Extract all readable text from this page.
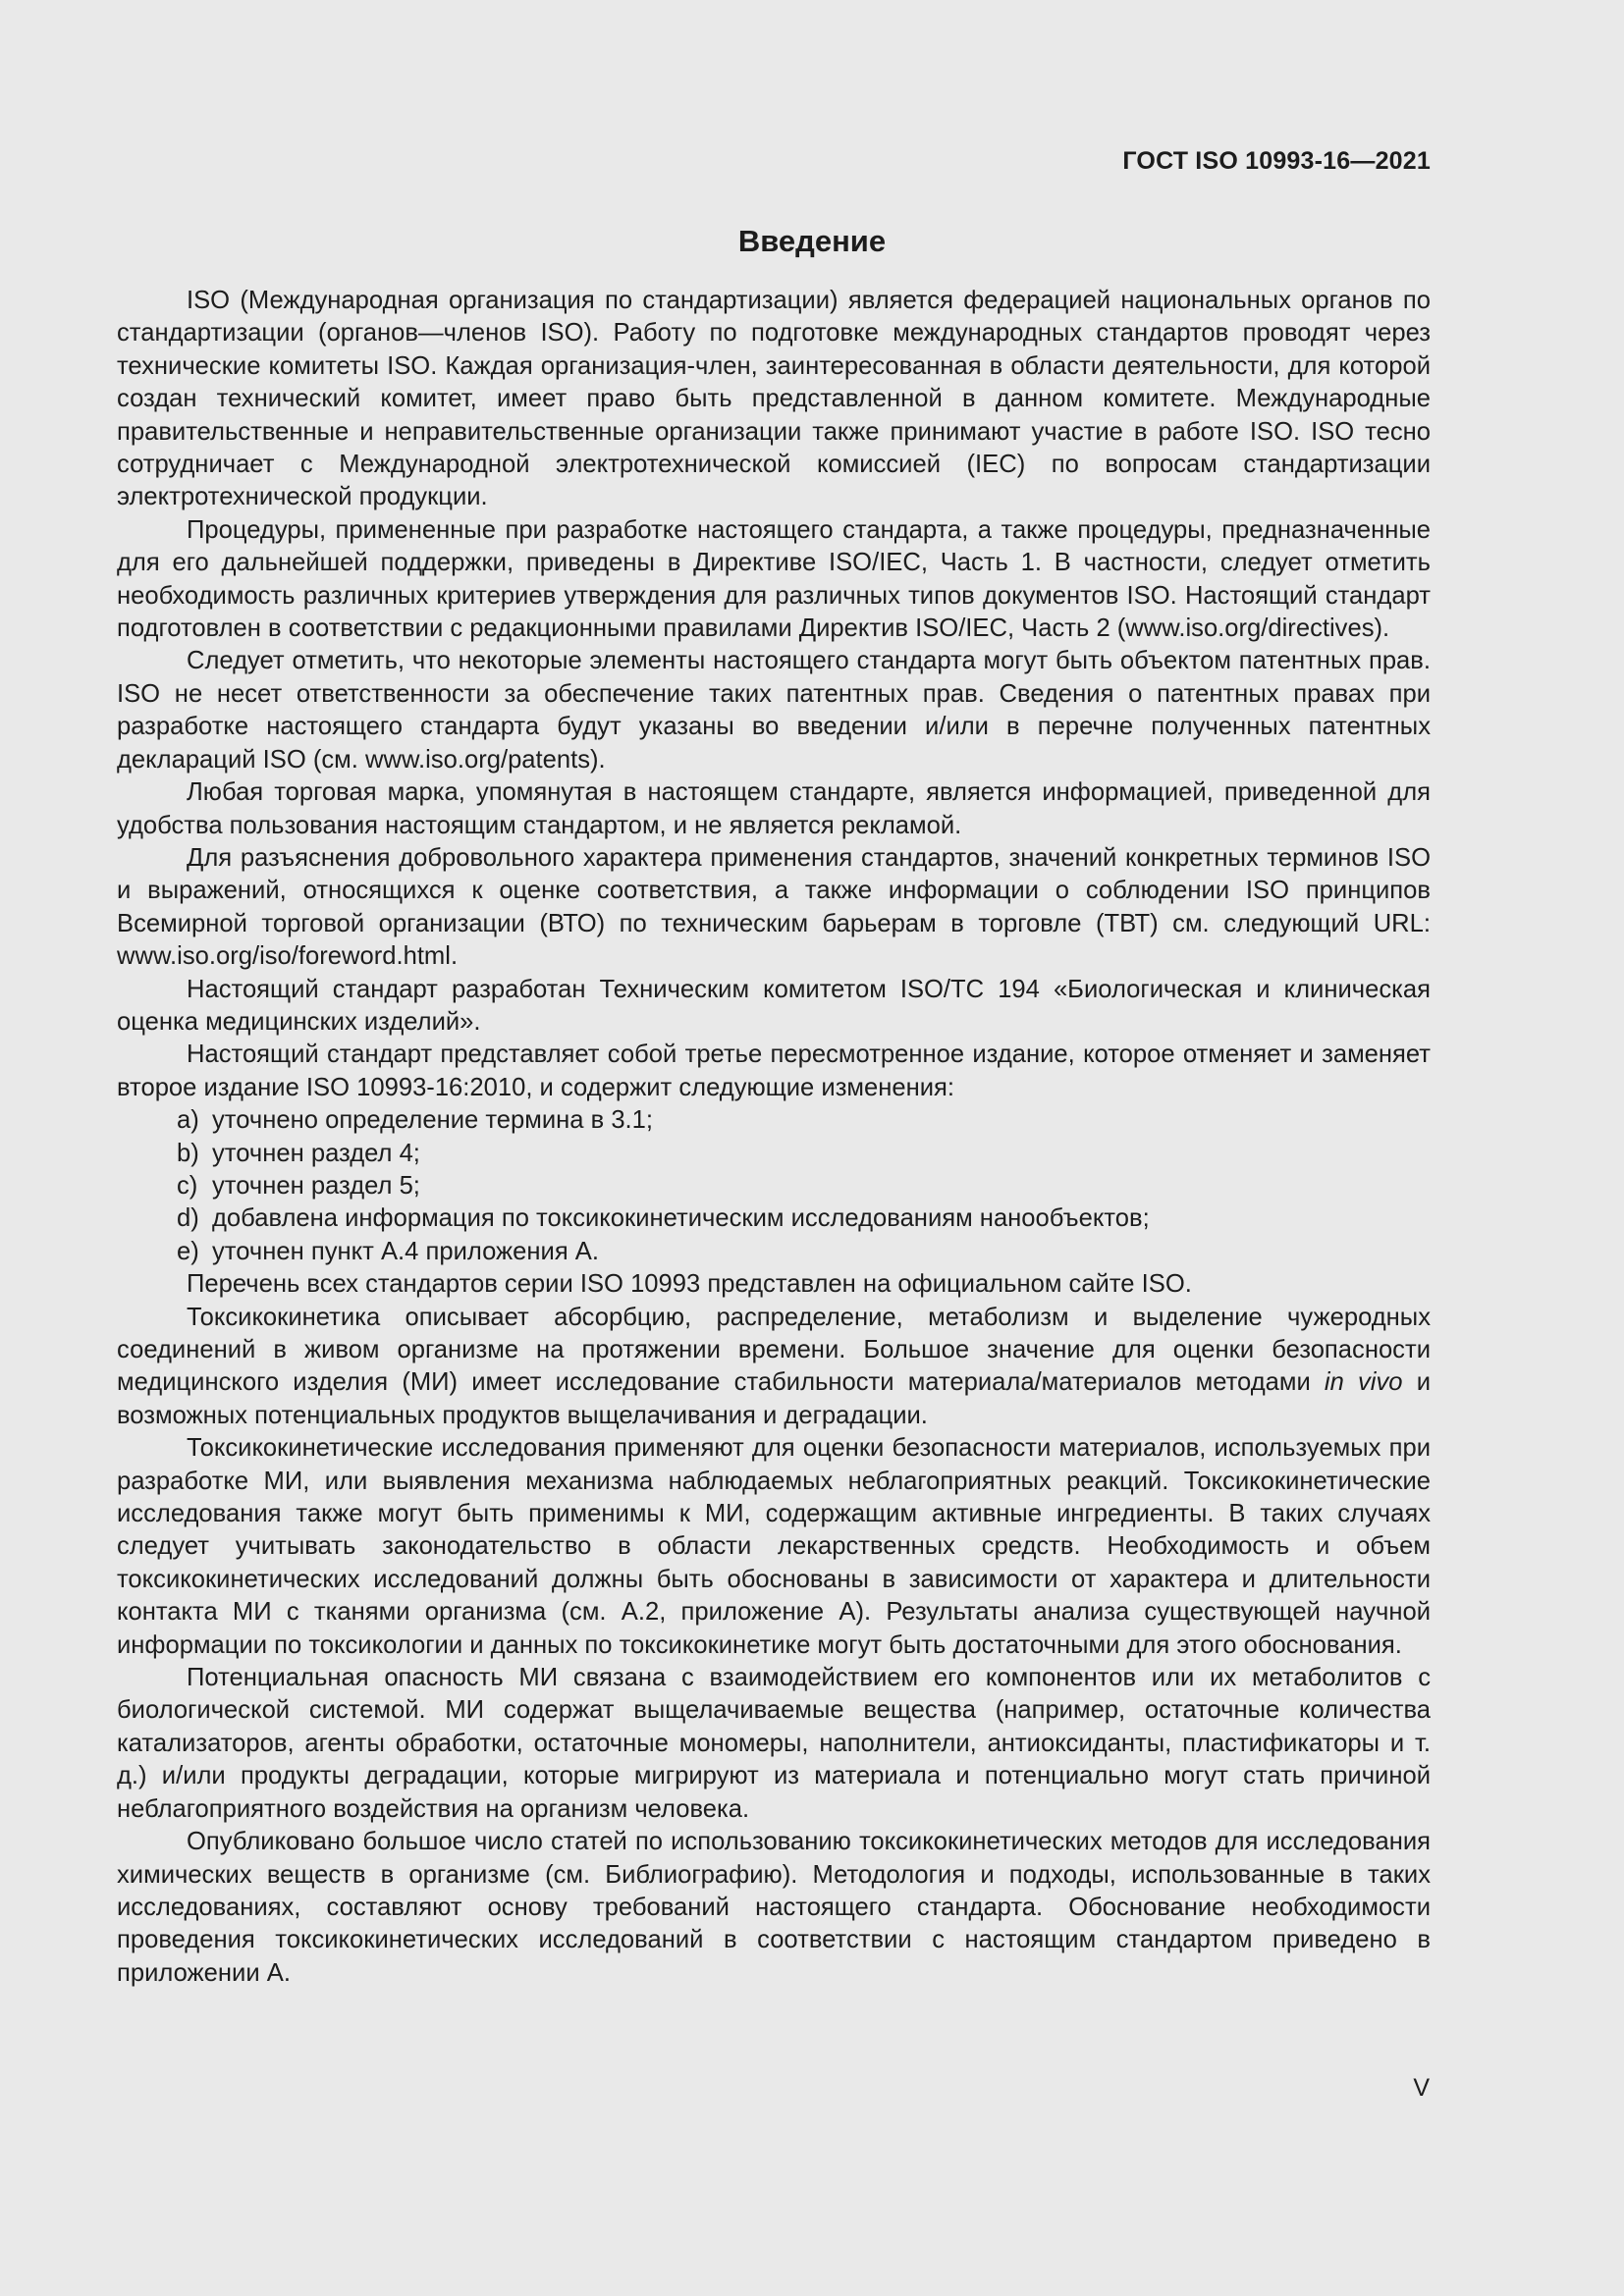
ГОСТ ISO 10993-16—2021

Введение

ISO (Международная организация по стандартизации) является федерацией национальных органов по стандартизации (органов—членов ISO). Работу по подготовке международных стандартов проводят через технические комитеты ISO. Каждая организация-член, заинтересованная в области деятельности, для которой создан технический комитет, имеет право быть представленной в данном комитете. Международные правительственные и неправительственные организации также принимают участие в работе ISO. ISO тесно сотрудничает с Международной электротехнической комиссией (IEC) по вопросам стандартизации электротехнической продукции.

Процедуры, примененные при разработке настоящего стандарта, а также процедуры, предназначенные для его дальнейшей поддержки, приведены в Директиве ISO/IEC, Часть 1. В частности, следует отметить необходимость различных критериев утверждения для различных типов документов ISO. Настоящий стандарт подготовлен в соответствии с редакционными правилами Директив ISO/IEC, Часть 2 (www.iso.org/directives).

Следует отметить, что некоторые элементы настоящего стандарта могут быть объектом патентных прав. ISO не несет ответственности за обеспечение таких патентных прав. Сведения о патентных правах при разработке настоящего стандарта будут указаны во введении и/или в перечне полученных патентных деклараций ISO (см. www.iso.org/patents).

Любая торговая марка, упомянутая в настоящем стандарте, является информацией, приведенной для удобства пользования настоящим стандартом, и не является рекламой.

Для разъяснения добровольного характера применения стандартов, значений конкретных терминов ISO и выражений, относящихся к оценке соответствия, а также информации о соблюдении ISO принципов Всемирной торговой организации (ВТО) по техническим барьерам в торговле (ТВТ) см. следующий URL: www.iso.org/iso/foreword.html.

Настоящий стандарт разработан Техническим комитетом ISO/TC 194 «Биологическая и клиническая оценка медицинских изделий».

Настоящий стандарт представляет собой третье пересмотренное издание, которое отменяет и заменяет второе издание ISO 10993-16:2010, и содержит следующие изменения:

a) уточнено определение термина в 3.1;
b) уточнен раздел 4;
c) уточнен раздел 5;
d) добавлена информация по токсикокинетическим исследованиям нанообъектов;
e) уточнен пункт А.4 приложения А.

Перечень всех стандартов серии ISO 10993 представлен на официальном сайте ISO.

Токсикокинетика описывает абсорбцию, распределение, метаболизм и выделение чужеродных соединений в живом организме на протяжении времени. Большое значение для оценки безопасности медицинского изделия (МИ) имеет исследование стабильности материала/материалов методами in vivo и возможных потенциальных продуктов выщелачивания и деградации.

Токсикокинетические исследования применяют для оценки безопасности материалов, используемых при разработке МИ, или выявления механизма наблюдаемых неблагоприятных реакций. Токсикокинетические исследования также могут быть применимы к МИ, содержащим активные ингредиенты. В таких случаях следует учитывать законодательство в области лекарственных средств. Необходимость и объем токсикокинетических исследований должны быть обоснованы в зависимости от характера и длительности контакта МИ с тканями организма (см. А.2, приложение А). Результаты анализа существующей научной информации по токсикологии и данных по токсикокинетике могут быть достаточными для этого обоснования.

Потенциальная опасность МИ связана с взаимодействием его компонентов или их метаболитов с биологической системой. МИ содержат выщелачиваемые вещества (например, остаточные количества катализаторов, агенты обработки, остаточные мономеры, наполнители, антиоксиданты, пластификаторы и т. д.) и/или продукты деградации, которые мигрируют из материала и потенциально могут стать причиной неблагоприятного воздействия на организм человека.

Опубликовано большое число статей по использованию токсикокинетических методов для исследования химических веществ в организме (см. Библиографию). Методология и подходы, использованные в таких исследованиях, составляют основу требований настоящего стандарта. Обоснование необходимости проведения токсикокинетических исследований в соответствии с настоящим стандартом приведено в приложении А.

V
